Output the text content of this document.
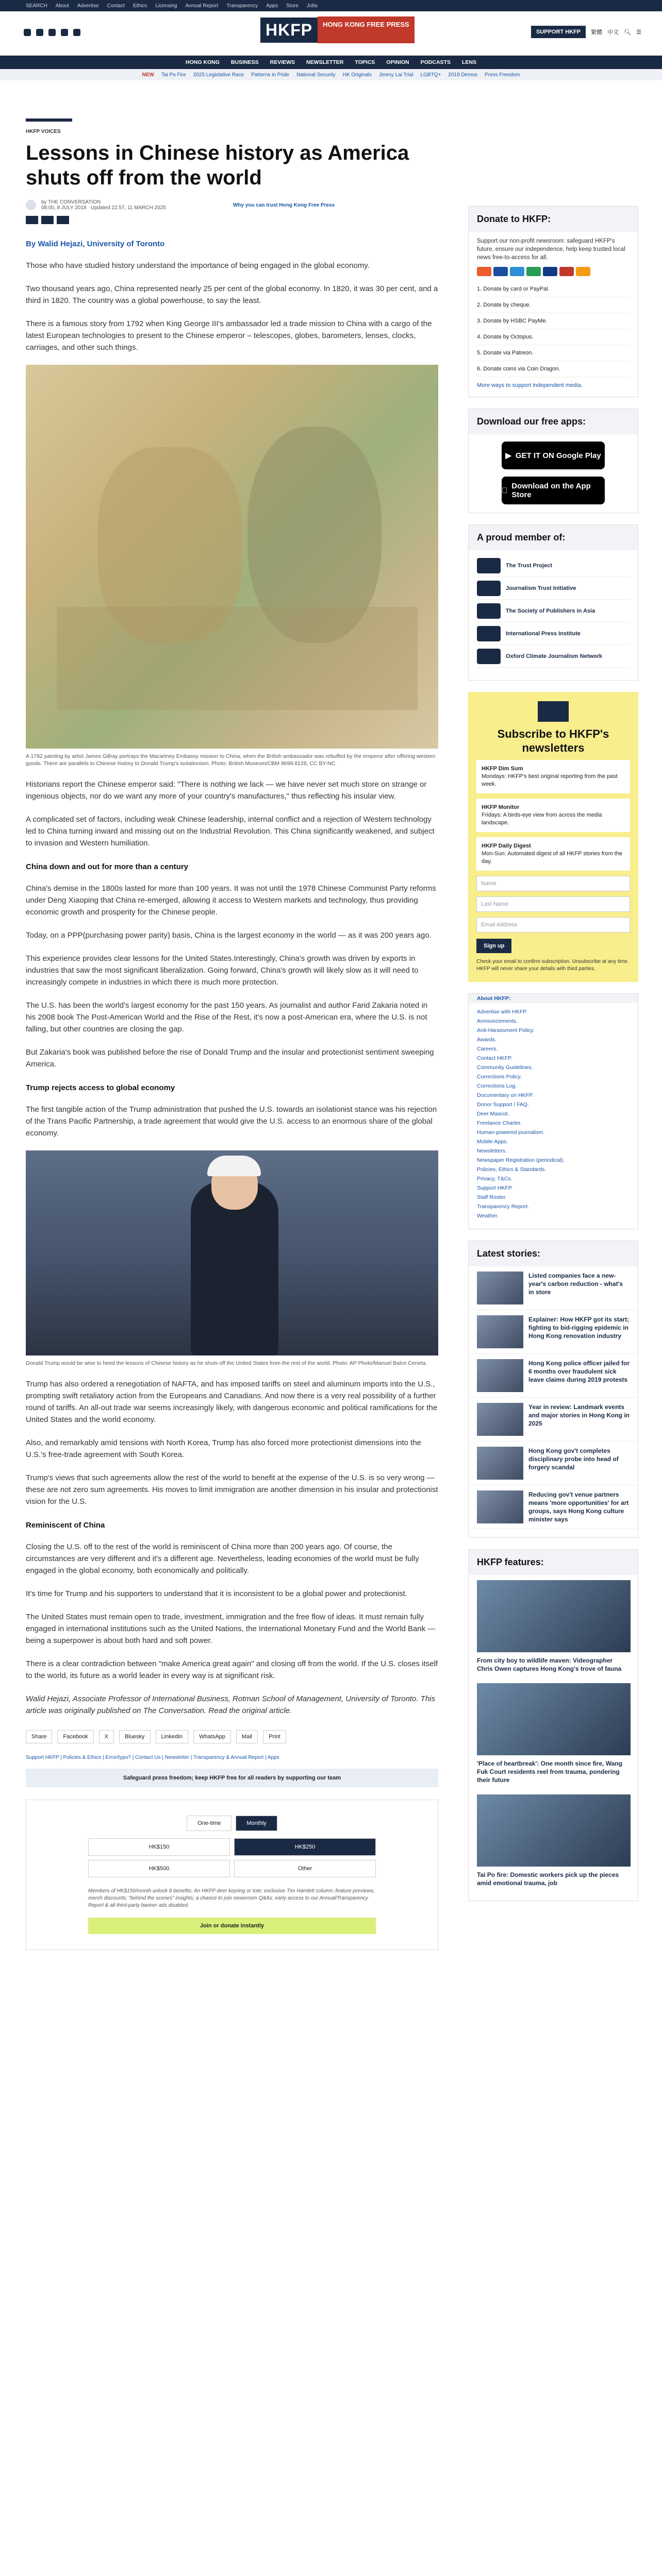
SEARCH About Advertise Contact Ethics Licensing Annual Report Transparency Apps Store Jobs
HKFP	HONG KONG FREE PRESS
SUPPORT HKFP	繁體 中文 🔍︎ ☰
HONG KONG BUSINESS REVIEWS NEWSLETTER TOPICS OPINION PODCASTS LENS
NEW Tai Po Fire 2025 Legislative Race Patterns in Pride National Security HK Originals Jimmy Lai Trial LGBTQ+ 2019 Demos Press Freedom
HKFP VOICES
Lessons in Chinese history as America shuts off from the world
by THE CONVERSATION
08:00, 8 JULY 2018 Updated 22:57, 11 MARCH 2025	Why you can trust Hong Kong Free Press
By Walid Hejazi, University of Toronto

Those who have studied history understand the importance of being engaged in the global economy.

Two thousand years ago, China represented nearly 25 per cent of the global economy. In 1820, it was 30 per cent, and a third in 1820. The country was a global powerhouse, to say the least.

There is a famous story from 1792 when King George III's ambassador led a trade mission to China with a cargo of the latest European technologies to present to the Chinese emperor – telescopes, globes, barometers, lenses, clocks, carriages, and other such things.

A 1792 painting by artist James Gillray portrays the Macartney Embassy mission to China, when the British ambassador was rebuffed by the emperor after offering western goods. There are parallels to Chinese history to Donald Trump's isolationism. Photo: British Museum/CBM 8699.8128, CC BY-NC.

Historians report the Chinese emperor said: "There is nothing we lack — we have never set much store on strange or ingenious objects, nor do we want any more of your country's manufactures," thus reflecting his insular view.

A complicated set of factors, including weak Chinese leadership, internal conflict and a rejection of Western technology led to China turning inward and missing out on the Industrial Revolution. This China significantly weakened, and subject to invasion and Western humiliation.

China down and out for more than a century

China's demise in the 1800s lasted for more than 100 years. It was not until the 1978 Chinese Communist Party reforms under Deng Xiaoping that China re-emerged, allowing it access to Western markets and technology, thus providing economic growth and prosperity for the Chinese people.

Today, on a PPP(purchasing power parity) basis, China is the largest economy in the world — as it was 200 years ago.

This experience provides clear lessons for the United States.Interestingly, China's growth was driven by exports in industries that saw the most significant liberalization. Going forward, China's growth will likely slow as it will need to increasingly compete in industries in which there is much more protection.

The U.S. has been the world's largest economy for the past 150 years. As journalist and author Farid Zakaria noted in his 2008 book The Post-American World and the Rise of the Rest, it's now a post-American era, where the U.S. is not falling, but other countries are closing the gap.

But Zakaria's book was published before the rise of Donald Trump and the insular and protectionist sentiment sweeping America.

Trump rejects access to global economy

The first tangible action of the Trump administration that pushed the U.S. towards an isolationist stance was his rejection of the Trans Pacific Partnership, a trade agreement that would give the U.S. access to an enormous share of the global economy.

Donald Trump would be wise to heed the lessons of Chinese history as he shuts off the United States from the rest of the world. Photo: AP Photo/Manuel Balce Ceneta.

Trump has also ordered a renegotiation of NAFTA, and has imposed tariffs on steel and aluminum imports into the U.S., prompting swift retaliatory action from the Europeans and Canadians. And now there is a very real possibility of a further round of tariffs. An all-out trade war seems increasingly likely, with dangerous economic and political ramifications for the United States and the world economy.

Also, and remarkably amid tensions with North Korea, Trump has also forced more protectionist dimensions into the U.S.'s free-trade agreement with South Korea.

Trump's views that such agreements allow the rest of the world to benefit at the expense of the U.S. is so very wrong — these are not zero sum agreements. His moves to limit immigration are another dimension in his insular and protectionist vision for the U.S.

Reminiscent of China

Closing the U.S. off to the rest of the world is reminiscent of China more than 200 years ago. Of course, the circumstances are very different and it's a different age. Nevertheless, leading economies of the world must be fully engaged in the global economy, both economically and politically.

It's time for Trump and his supporters to understand that it is inconsistent to be a global power and protectionist.

The United States must remain open to trade, investment, immigration and the free flow of ideas. It must remain fully engaged in international institutions such as the United Nations, the International Monetary Fund and the World Bank — being a superpower is about both hard and soft power.

There is a clear contradiction between "make America great again" and closing off from the world. If the U.S. closes itself to the world, its future as a world leader in every way is at significant risk.

Walid Hejazi, Associate Professor of International Business, Rotman School of Management, University of Toronto. This article was originally published on The Conversation. Read the original article.

Share	Facebook	X	Bluesky	LinkedIn	WhatsApp	Mail	Print
Support HKFP | Policies & Ethics | Error/typo? | Contact Us | Newsletter | Transparency & Annual Report | Apps
Safeguard press freedom; keep HKFP free for all readers by supporting our team
One-time	Monthly
HK$150	HK$250
HK$500	Other
Members of HK$150/month unlock 8 benefits: An HKFP deer keyring or tote; exclusive Tim Hamlett column; feature previews; merch discounts; "behind the scenes" insights; a chance to join newsroom Q&As; early access to our Annual/Transparency Report & all third-party banner ads disabled.
Join or donate instantly
Donate to HKFP:

Support our non-profit newsroom: safeguard HKFP's future, ensure our independence, help keep trusted local news free-to-access for all.

1. Donate by card or PayPal.
2. Donate by cheque.
3. Donate by HSBC PayMe.
4. Donate by Octopus.
5. Donate via Patreon.
6. Donate coins via Coin Dragon.
More ways to support independent media.
Download our free apps:
▶ GET IT ON Google Play
Download on the App Store
A proud member of:
The Trust Project
Journalism Trust Initiative
The Society of Publishers in Asia
International Press Institute
Oxford Climate Journalism Network
Subscribe to HKFP's newsletters
HKFP Dim Sum
Mondays: HKFP's best original reporting from the past week.
HKFP Monitor
Fridays: A birds-eye view from across the media landscape.
HKFP Daily Digest
Mon-Sun: Automated digest of all HKFP stories from the day.
Name
Last Name
Email Address
Sign up
Check your email to confirm subscription. Unsubscribe at any time. HKFP will never share your details with third parties.
About HKFP:
Advertise with HKFP.
Announcements.
Anti-Harassment Policy.
Awards.
Careers.
Contact HKFP.
Community Guidelines.
Corrections Policy.
Corrections Log.
Documentary on HKFP.
Donor Support / FAQ.
Deer Mascot.
Freelance Charter.
Human-powered journalism.
Mobile Apps.
Newsletters.
Newspaper Registration (periodical).
Policies, Ethics & Standards.
Privacy, T&Cs.
Support HKFP.
Staff Roster.
Transparency Report.
Weather.
Latest stories:
Listed companies face a new-year's carbon reduction - what's in store
Explainer: How HKFP got its start; fighting to bid-rigging epidemic in Hong Kong renovation industry
Hong Kong police officer jailed for 6 months over fraudulent sick leave claims during 2019 protests
Year in review: Landmark events and major stories in Hong Kong in 2025
Hong Kong gov't completes disciplinary probe into head of forgery scandal
Reducing gov't venue partners means 'more opportunities' for art groups, says Hong Kong culture minister says
HKFP features:
From city boy to wildlife maven: Videographer Chris Owen captures Hong Kong's trove of fauna
'Place of heartbreak': One month since fire, Wang Fuk Court residents reel from trauma, pondering their future
Tai Po fire: Domestic workers pick up the pieces amid emotional trauma, job
